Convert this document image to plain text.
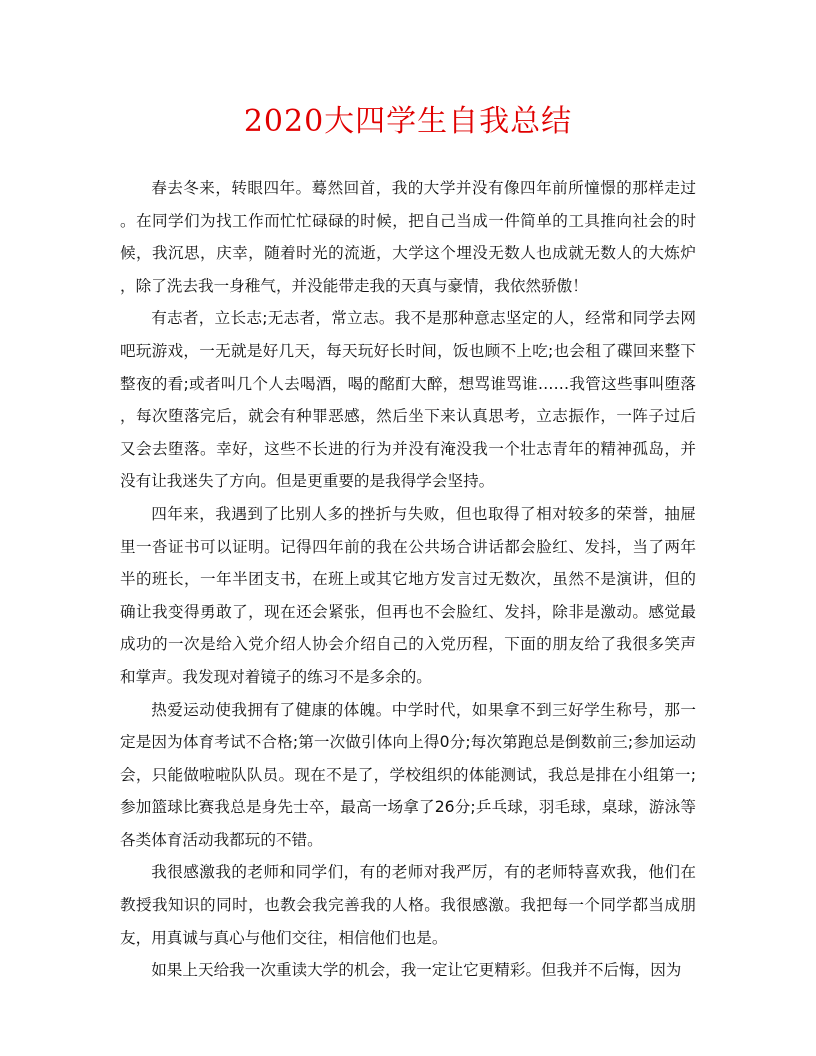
2020大四学生自我总结

春去冬来，转眼四年。蓦然回首，我的大学并没有像四年前所憧憬的那样走过。在同学们为找工作而忙忙碌碌的时候，把自己当成一件简单的工具推向社会的时候，我沉思，庆幸，随着时光的流逝，大学这个埋没无数人也成就无数人的大炼炉，除了洗去我一身稚气，并没能带走我的天真与豪情，我依然骄傲！

有志者，立长志;无志者，常立志。我不是那种意志坚定的人，经常和同学去网吧玩游戏，一无就是好几天，每天玩好长时间，饭也顾不上吃;也会租了碟回来整下整夜的看;或者叫几个人去喝酒，喝的酩酊大醉，想骂谁骂谁……我管这些事叫堕落，每次堕落完后，就会有种罪恶感，然后坐下来认真思考，立志振作，一阵子过后又会去堕落。幸好，这些不长进的行为并没有淹没我一个壮志青年的精神孤岛，并没有让我迷失了方向。但是更重要的是我得学会坚持。

四年来，我遇到了比别人多的挫折与失败，但也取得了相对较多的荣誉，抽屉里一沓证书可以证明。记得四年前的我在公共场合讲话都会脸红、发抖，当了两年半的班长，一年半团支书，在班上或其它地方发言过无数次，虽然不是演讲，但的确让我变得勇敢了，现在还会紧张，但再也不会脸红、发抖，除非是激动。感觉最成功的一次是给入党介绍人协会介绍自己的入党历程，下面的朋友给了我很多笑声和掌声。我发现对着镜子的练习不是多余的。

热爱运动使我拥有了健康的体魄。中学时代，如果拿不到三好学生称号，那一定是因为体育考试不合格;第一次做引体向上得0分;每次第跑总是倒数前三;参加运动会，只能做啦啦队队员。现在不是了，学校组织的体能测试，我总是排在小组第一;参加篮球比赛我总是身先士卒，最高一场拿了26分;乒乓球，羽毛球，桌球，游泳等各类体育活动我都玩的不错。

我很感激我的老师和同学们，有的老师对我严厉，有的老师特喜欢我，他们在教授我知识的同时，也教会我完善我的人格。我很感激。我把每一个同学都当成朋友，用真诚与真心与他们交往，相信他们也是。

如果上天给我一次重读大学的机会，我一定让它更精彩。但我并不后悔，因为
